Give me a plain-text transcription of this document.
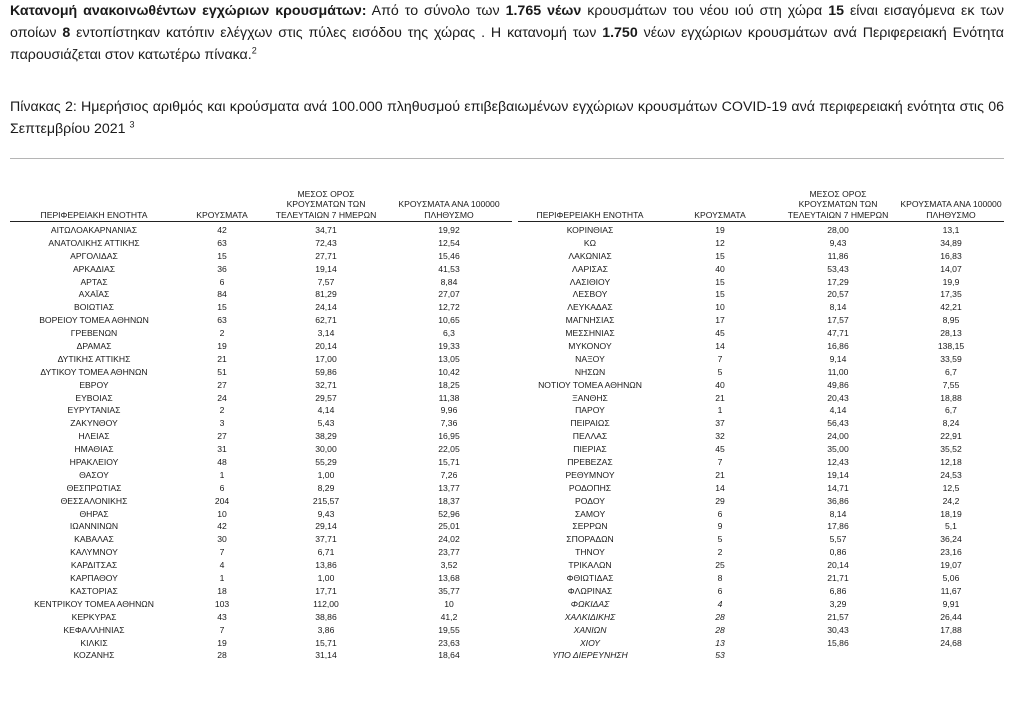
Κατανομή ανακοινωθέντων εγχώριων κρουσμάτων: Από το σύνολο των 1.765 νέων κρουσμάτων του νέου ιού στη χώρα 15 είναι εισαγόμενα εκ των οποίων 8 εντοπίστηκαν κατόπιν ελέγχων στις πύλες εισόδου της χώρας . Η κατανομή των 1.750 νέων εγχώριων κρουσμάτων ανά Περιφερειακή Ενότητα παρουσιάζεται στον κατωτέρω πίνακα.$^2$
Πίνακας 2: Ημερήσιος αριθμός και κρούσματα ανά 100.000 πληθυσμού επιβεβαιωμένων εγχώριων κρουσμάτων COVID-19 ανά περιφερειακή ενότητα στις 06 Σεπτεμβρίου 2021 $^3$
ΠΕΡΙΦΕΡΕΙΑΚΗ ΕΝΟΤΗΤΑ	ΚΡΟΥΣΜΑΤΑ
ΜΕΣΟΣ ΟΡΟΣ
ΚΡΟΥΣΜΑΤΩΝ ΤΩΝ
ΤΕΛΕΥΤΑΙΩΝ 7 ΗΜΕΡΩΝ
ΚΡΟΥΣΜΑΤΑ ΑΝΑ 100000
ΠΛΗΘΥΣΜΟ	ΠΕΡΙΦΕΡΕΙΑΚΗ ΕΝΟΤΗΤΑ	ΚΡΟΥΣΜΑΤΑ
ΜΕΣΟΣ ΟΡΟΣ
ΚΡΟΥΣΜΑΤΩΝ ΤΩΝ
ΤΕΛΕΥΤΑΙΩΝ 7 ΗΜΕΡΩΝ
ΚΡΟΥΣΜΑΤΑ ΑΝΑ 100000
ΠΛΗΘΥΣΜΟ
ΑΙΤΩΛΟΑΚΑΡΝΑΝΙΑΣ	42	34,71	19,92	ΚΟΡΙΝΘΙΑΣ	19	28,00	13,1
ΑΝΑΤΟΛΙΚΗΣ ΑΤΤΙΚΗΣ	63	72,43	12,54	ΚΩ	12	9,43	34,89
ΑΡΓΟΛΙΔΑΣ	15	27,71	15,46	ΛΑΚΩΝΙΑΣ	15	11,86	16,83
ΑΡΚΑΔΙΑΣ	36	19,14	41,53	ΛΑΡΙΣΑΣ	40	53,43	14,07
ΑΡΤΑΣ	6	7,57	8,84	ΛΑΣΙΘΙΟΥ	15	17,29	19,9
ΑΧΑΪΑΣ	84	81,29	27,07	ΛΕΣΒΟΥ	15	20,57	17,35
ΒΟΙΩΤΙΑΣ	15	24,14	12,72	ΛΕΥΚΑΔΑΣ	10	8,14	42,21
ΒΟΡΕΙΟΥ ΤΟΜΕΑ ΑΘΗΝΩΝ	63	62,71	10,65	ΜΑΓΝΗΣΙΑΣ	17	17,57	8,95
ΓΡΕΒΕΝΩΝ	2	3,14	6,3	ΜΕΣΣΗΝΙΑΣ	45	47,71	28,13
ΔΡΑΜΑΣ	19	20,14	19,33	ΜΥΚΟΝΟΥ	14	16,86	138,15
ΔΥΤΙΚΗΣ ΑΤΤΙΚΗΣ	21	17,00	13,05	ΝΑΞΟΥ	7	9,14	33,59
ΔΥΤΙΚΟΥ ΤΟΜΕΑ ΑΘΗΝΩΝ	51	59,86	10,42	ΝΗΣΩΝ	5	11,00	6,7
ΕΒΡΟΥ	27	32,71	18,25	ΝΟΤΙΟΥ ΤΟΜΕΑ ΑΘΗΝΩΝ	40	49,86	7,55
ΕΥΒΟΙΑΣ	24	29,57	11,38	ΞΑΝΘΗΣ	21	20,43	18,88
ΕΥΡΥΤΑΝΙΑΣ	2	4,14	9,96	ΠΑΡΟΥ	1	4,14	6,7
ΖΑΚΥΝΘΟΥ	3	5,43	7,36	ΠΕΙΡΑΙΩΣ	37	56,43	8,24
ΗΛΕΙΑΣ	27	38,29	16,95	ΠΕΛΛΑΣ	32	24,00	22,91
ΗΜΑΘΙΑΣ	31	30,00	22,05	ΠΙΕΡΙΑΣ	45	35,00	35,52
ΗΡΑΚΛΕΙΟΥ	48	55,29	15,71	ΠΡΕΒΕΖΑΣ	7	12,43	12,18
ΘΑΣΟΥ	1	1,00	7,26	ΡΕΘΥΜΝΟΥ	21	19,14	24,53
ΘΕΣΠΡΩΤΙΑΣ	6	8,29	13,77	ΡΟΔΟΠΗΣ	14	14,71	12,5
ΘΕΣΣΑΛΟΝΙΚΗΣ	204	215,57	18,37	ΡΟΔΟΥ	29	36,86	24,2
ΘΗΡΑΣ	10	9,43	52,96	ΣΑΜΟΥ	6	8,14	18,19
ΙΩΑΝΝΙΝΩΝ	42	29,14	25,01	ΣΕΡΡΩΝ	9	17,86	5,1
ΚΑΒΑΛΑΣ	30	37,71	24,02	ΣΠΟΡΑΔΩΝ	5	5,57	36,24
ΚΑΛΥΜΝΟΥ	7	6,71	23,77	ΤΗΝΟΥ	2	0,86	23,16
ΚΑΡΔΙΤΣΑΣ	4	13,86	3,52	ΤΡΙΚΑΛΩΝ	25	20,14	19,07
ΚΑΡΠΑΘΟΥ	1	1,00	13,68	ΦΘΙΩΤΙΔΑΣ	8	21,71	5,06
ΚΑΣΤΟΡΙΑΣ	18	17,71	35,77	ΦΛΩΡΙΝΑΣ	6	6,86	11,67
ΚΕΝΤΡΙΚΟΥ ΤΟΜΕΑ ΑΘΗΝΩΝ	103	112,00	10	ΦΩΚΙΔΑΣ	4	3,29	9,91
ΚΕΡΚΥΡΑΣ	43	38,86	41,2	ΧΑΛΚΙΔΙΚΗΣ	28	21,57	26,44
ΚΕΦΑΛΛΗΝΙΑΣ	7	3,86	19,55	ΧΑΝΙΩΝ	28	30,43	17,88
ΚΙΛΚΙΣ	19	15,71	23,63	ΧΙΟΥ	13	15,86	24,68
ΚΟΖΑΝΗΣ	28	31,14	18,64	ΥΠΟ ΔΙΕΡΕΥΝΗΣΗ	53
